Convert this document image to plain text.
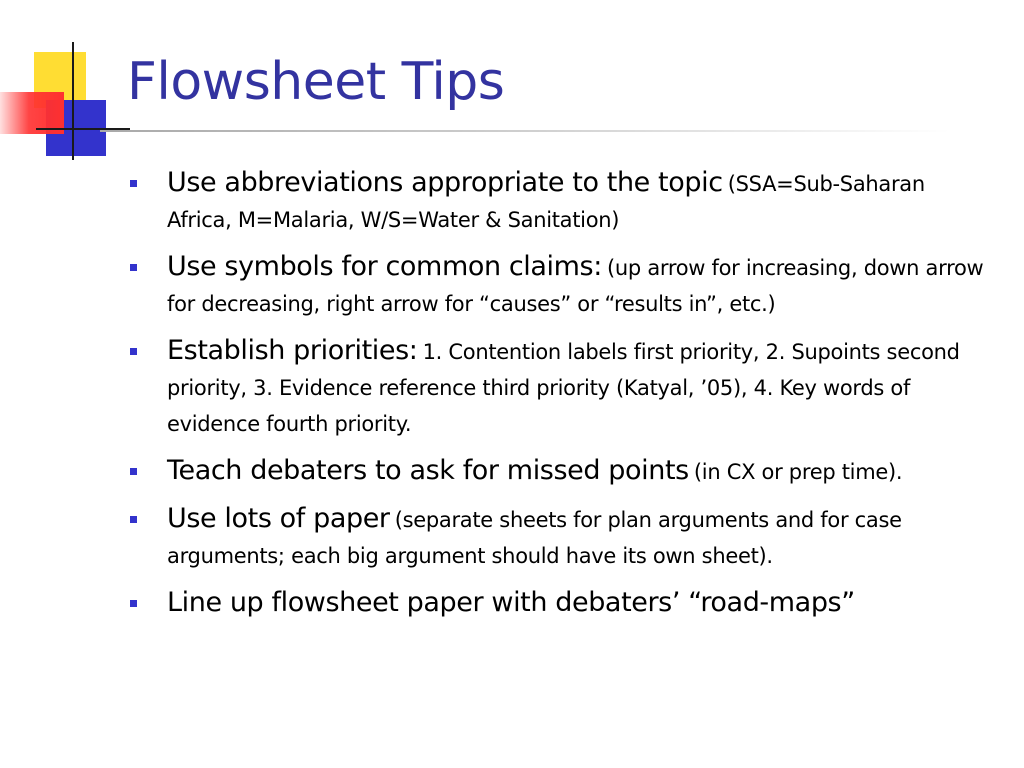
Flowsheet Tips
Use abbreviations appropriate to the topic (SSA=Sub-Saharan Africa, M=Malaria, W/S=Water & Sanitation)
Use symbols for common claims: (up arrow for increasing, down arrow for decreasing, right arrow for “causes” or “results in”, etc.)
Establish priorities: 1. Contention labels first priority, 2. Supoints second priority, 3. Evidence reference third priority (Katyal, ’05), 4. Key words of evidence fourth priority.
Teach debaters to ask for missed points (in CX or prep time).
Use lots of paper (separate sheets for plan arguments and for case arguments; each big argument should have its own sheet).
Line up flowsheet paper with debaters’ “road-maps”
